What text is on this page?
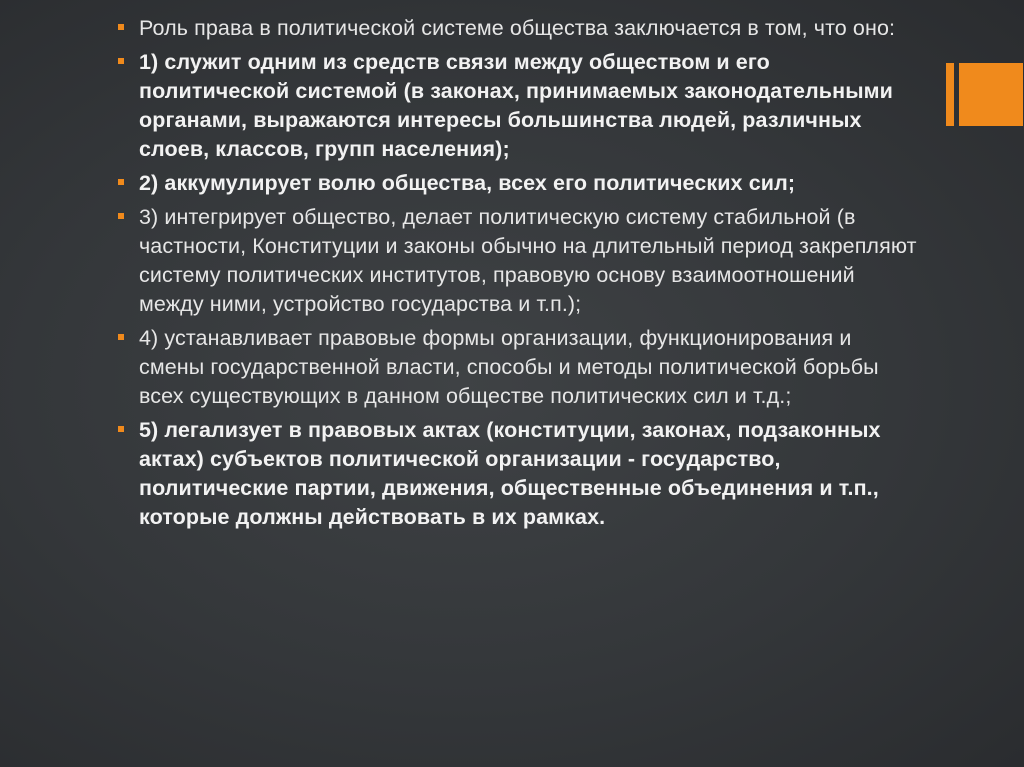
Роль права в политической системе общества заключается в том, что оно:
1) служит одним из средств связи между обществом и его политической системой (в законах, принимаемых законодательными органами, выражаются интересы большинства людей, различных слоев, классов, групп населения);
2) аккумулирует волю общества, всех его политических сил;
3) интегрирует общество, делает политическую систему стабильной (в частности, Конституции и законы обычно на длительный период закрепляют систему политических институтов, правовую основу взаимоотношений между ними, устройство государства и т.п.);
4) устанавливает правовые формы организации, функционирования и смены государственной власти, способы и методы политической борьбы всех существующих в данном обществе политических сил и т.д.;
5) легализует в правовых актах (конституции, законах, подзаконных актах) субъектов политической организации - государство, политические партии, движения, общественные объединения и т.п., которые должны действовать в их рамках.
